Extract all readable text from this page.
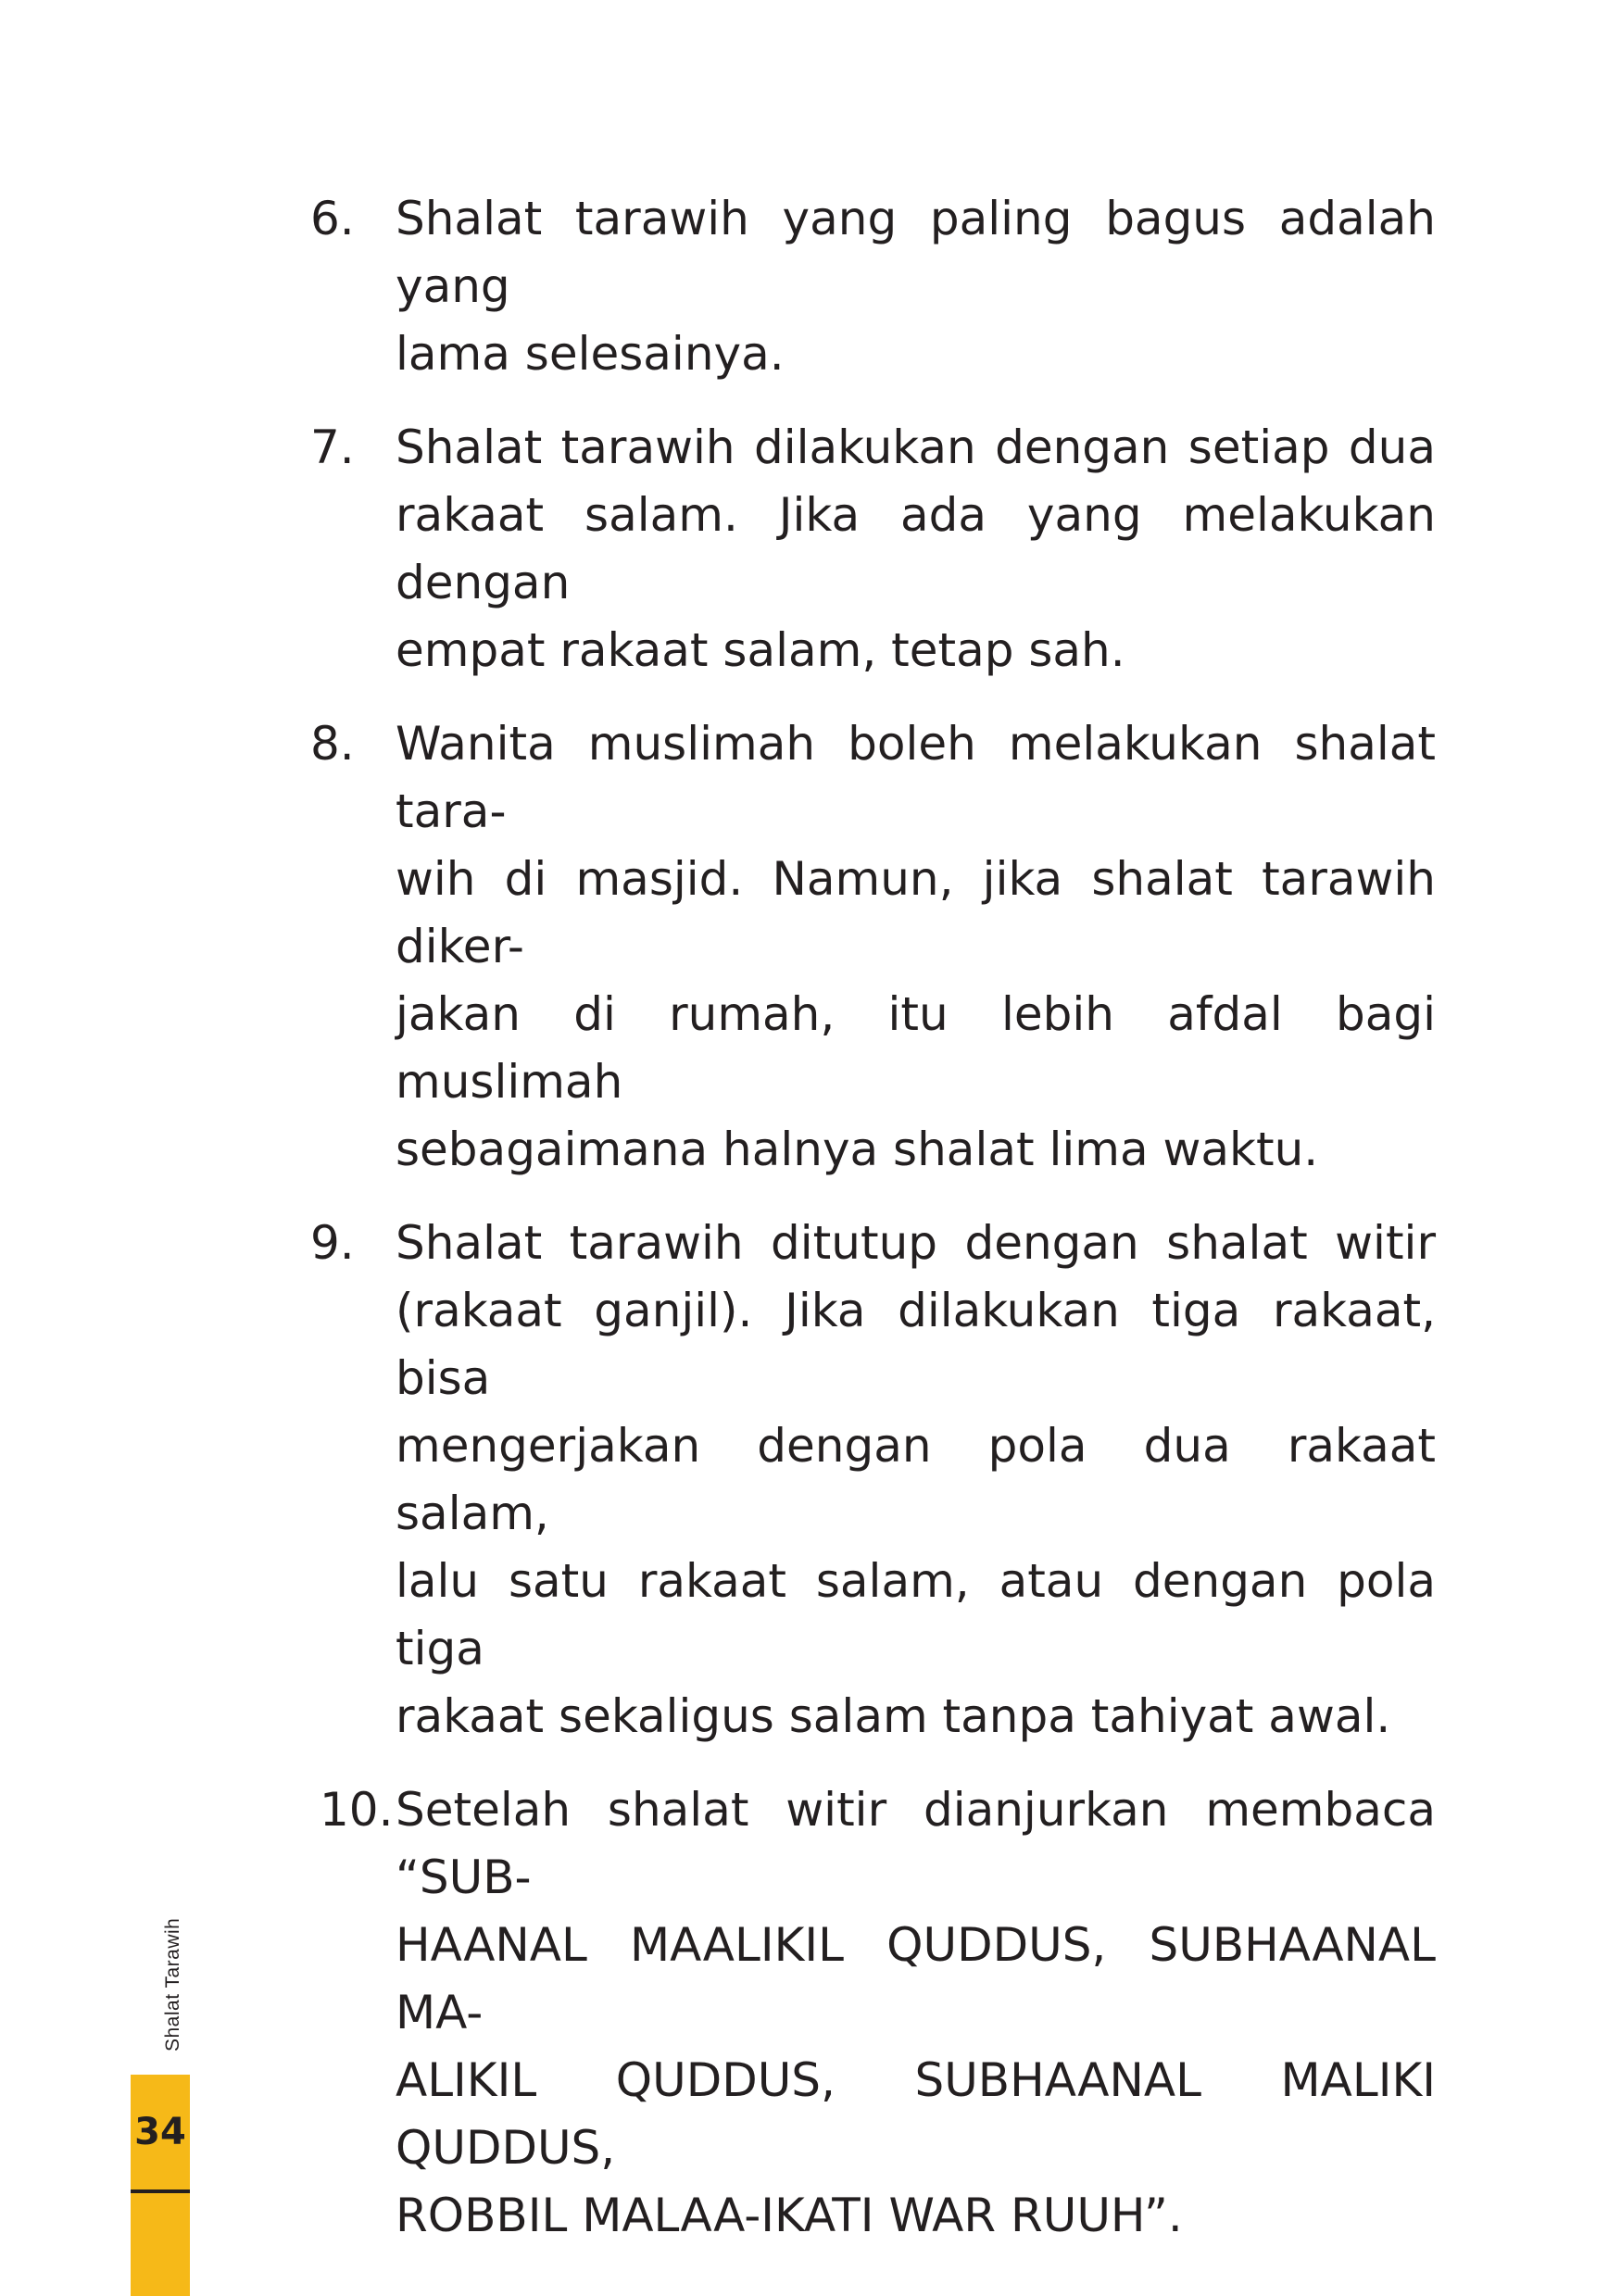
6. Shalat tarawih yang paling bagus adalah yang
lama selesainya.
7. Shalat tarawih dilakukan dengan setiap dua
rakaat salam. Jika ada yang melakukan dengan
empat rakaat salam, tetap sah.
8. Wanita muslimah boleh melakukan shalat tara-
wih di masjid. Namun, jika shalat tarawih diker-
jakan di rumah, itu lebih afdal bagi muslimah
sebagaimana halnya shalat lima waktu.
9. Shalat tarawih ditutup dengan shalat witir
(rakaat ganjil). Jika dilakukan tiga rakaat, bisa
mengerjakan dengan pola dua rakaat salam,
lalu satu rakaat salam, atau dengan pola tiga
rakaat sekaligus salam tanpa tahiyat awal.
10. Setelah shalat witir dianjurkan membaca “SUB-
HAANAL MAALIKIL QUDDUS, SUBHAANAL MA-
ALIKIL QUDDUS, SUBHAANAL MALIKI QUDDUS,
ROBBIL MALAA-IKATI WAR RUUH”.
Shalat Tarawih
34
